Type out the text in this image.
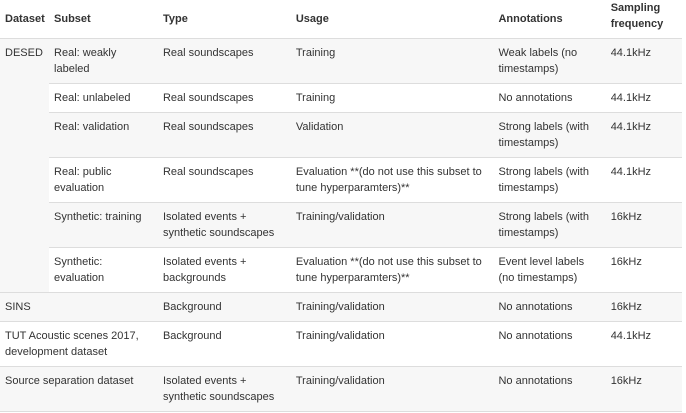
Dataset	Subset	Type	Usage	Annotations	Sampling frequency
DESED	Real: weakly labeled	Real soundscapes	Training	Weak labels (no timestamps)	44.1kHz
	Real: unlabeled	Real soundscapes	Training	No annotations	44.1kHz
	Real: validation	Real soundscapes	Validation	Strong labels (with timestamps)	44.1kHz
	Real: public evaluation	Real soundscapes	Evaluation **(do not use this subset to tune hyperparamters)**	Strong labels (with timestamps)	44.1kHz
	Synthetic: training	Isolated events + synthetic soundscapes	Training/validation	Strong labels (with timestamps)	16kHz
	Synthetic: evaluation	Isolated events + backgrounds	Evaluation **(do not use this subset to tune hyperparamters)**	Event level labels (no timestamps)	16kHz
SINS		Background	Training/validation	No annotations	16kHz
TUT Acoustic scenes 2017, development dataset		Background	Training/validation	No annotations	44.1kHz
Source separation dataset		Isolated events + synthetic soundscapes	Training/validation	No annotations	16kHz
